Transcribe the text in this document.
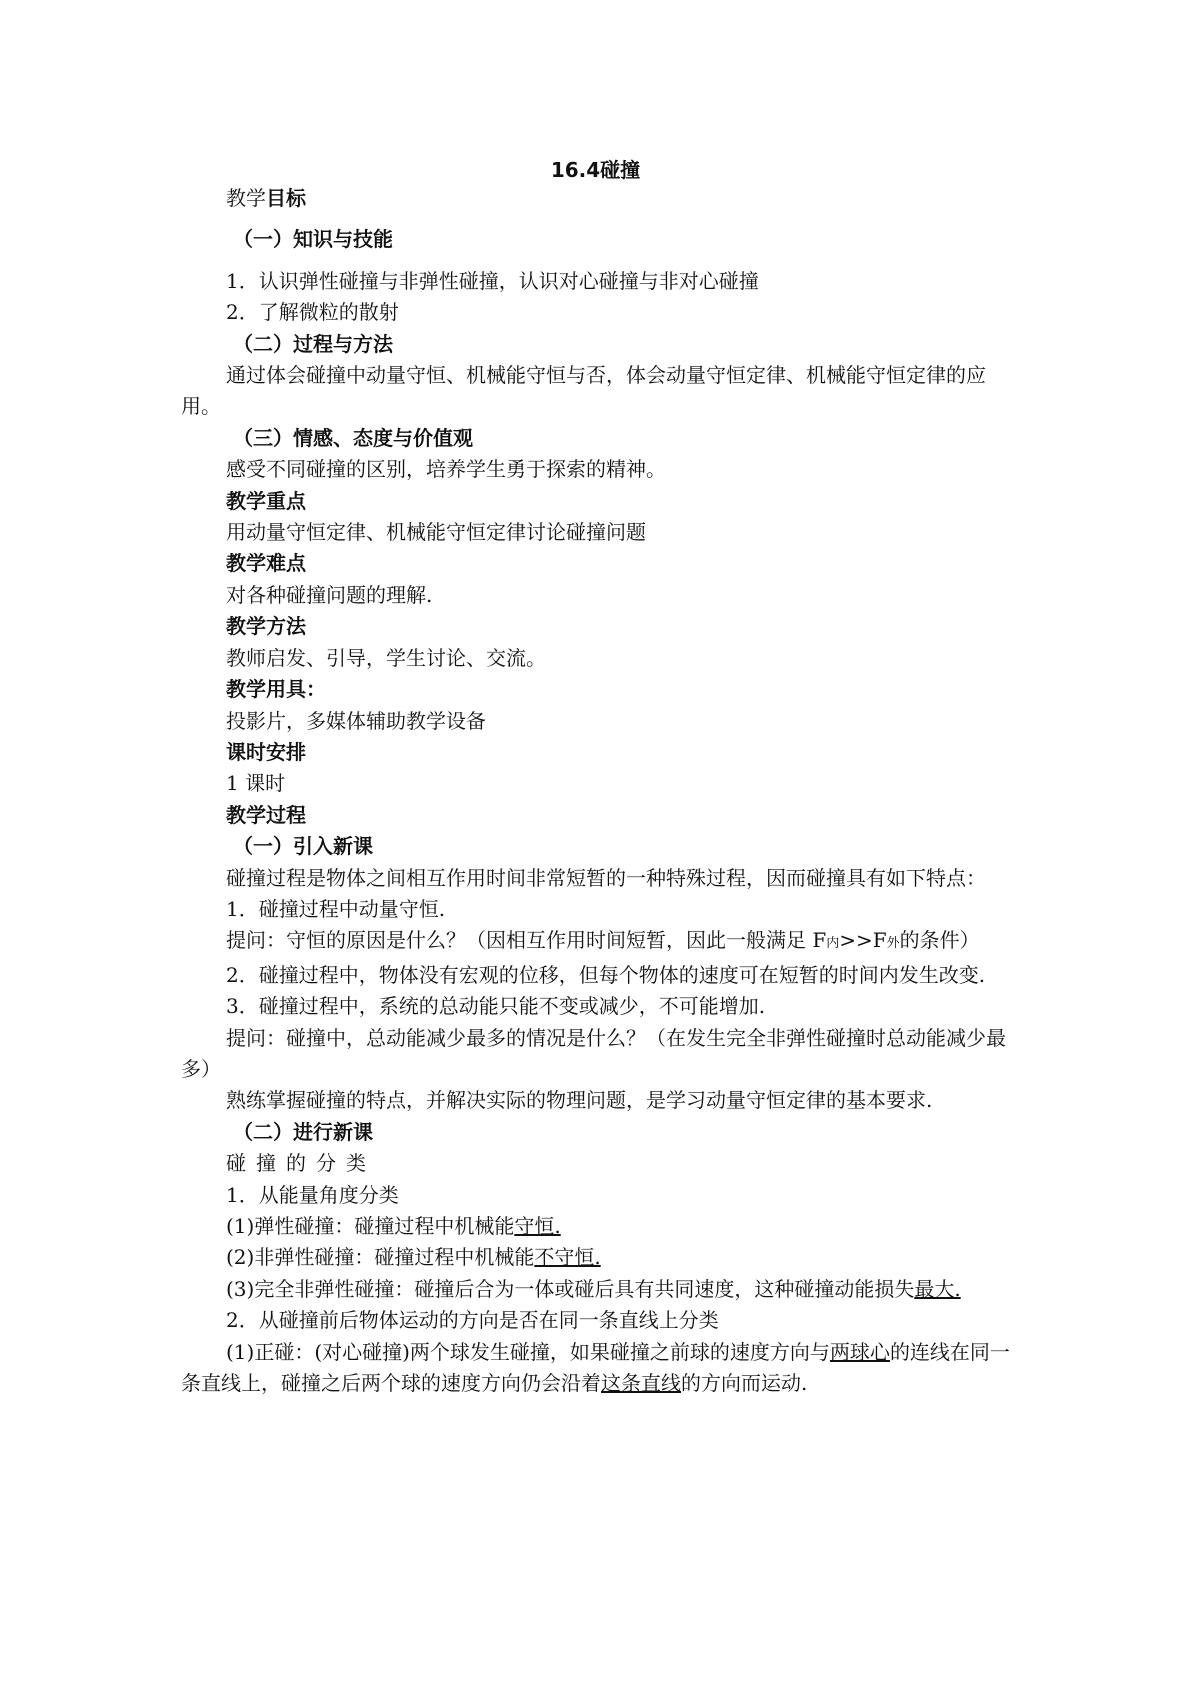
16.4碰撞

教学目标

（一）知识与技能

1．认识弹性碰撞与非弹性碰撞，认识对心碰撞与非对心碰撞

2．了解微粒的散射

（二）过程与方法

通过体会碰撞中动量守恒、机械能守恒与否，体会动量守恒定律、机械能守恒定律的应用。

（三）情感、态度与价值观

感受不同碰撞的区别，培养学生勇于探索的精神。

教学重点

用动量守恒定律、机械能守恒定律讨论碰撞问题

教学难点

对各种碰撞问题的理解.

教学方法

教师启发、引导，学生讨论、交流。

教学用具：

投影片，多媒体辅助教学设备

课时安排

1 课时

教学过程

（一）引入新课

碰撞过程是物体之间相互作用时间非常短暂的一种特殊过程，因而碰撞具有如下特点：

1．碰撞过程中动量守恒.

提问：守恒的原因是什么？（因相互作用时间短暂，因此一般满足 F内>>F外的条件）

2．碰撞过程中，物体没有宏观的位移，但每个物体的速度可在短暂的时间内发生改变.

3．碰撞过程中，系统的总动能只能不变或减少，不可能增加.

提问：碰撞中，总动能减少最多的情况是什么？（在发生完全非弹性碰撞时总动能减少最多）

熟练掌握碰撞的特点，并解决实际的物理问题，是学习动量守恒定律的基本要求.

（二）进行新课

碰撞的分类

1．从能量角度分类

(1)弹性碰撞：碰撞过程中机械能守恒.

(2)非弹性碰撞：碰撞过程中机械能不守恒.

(3)完全非弹性碰撞：碰撞后合为一体或碰后具有共同速度，这种碰撞动能损失最大.

2．从碰撞前后物体运动的方向是否在同一条直线上分类

(1)正碰：(对心碰撞)两个球发生碰撞，如果碰撞之前球的速度方向与两球心的连线在同一条直线上，碰撞之后两个球的速度方向仍会沿着这条直线的方向而运动.
